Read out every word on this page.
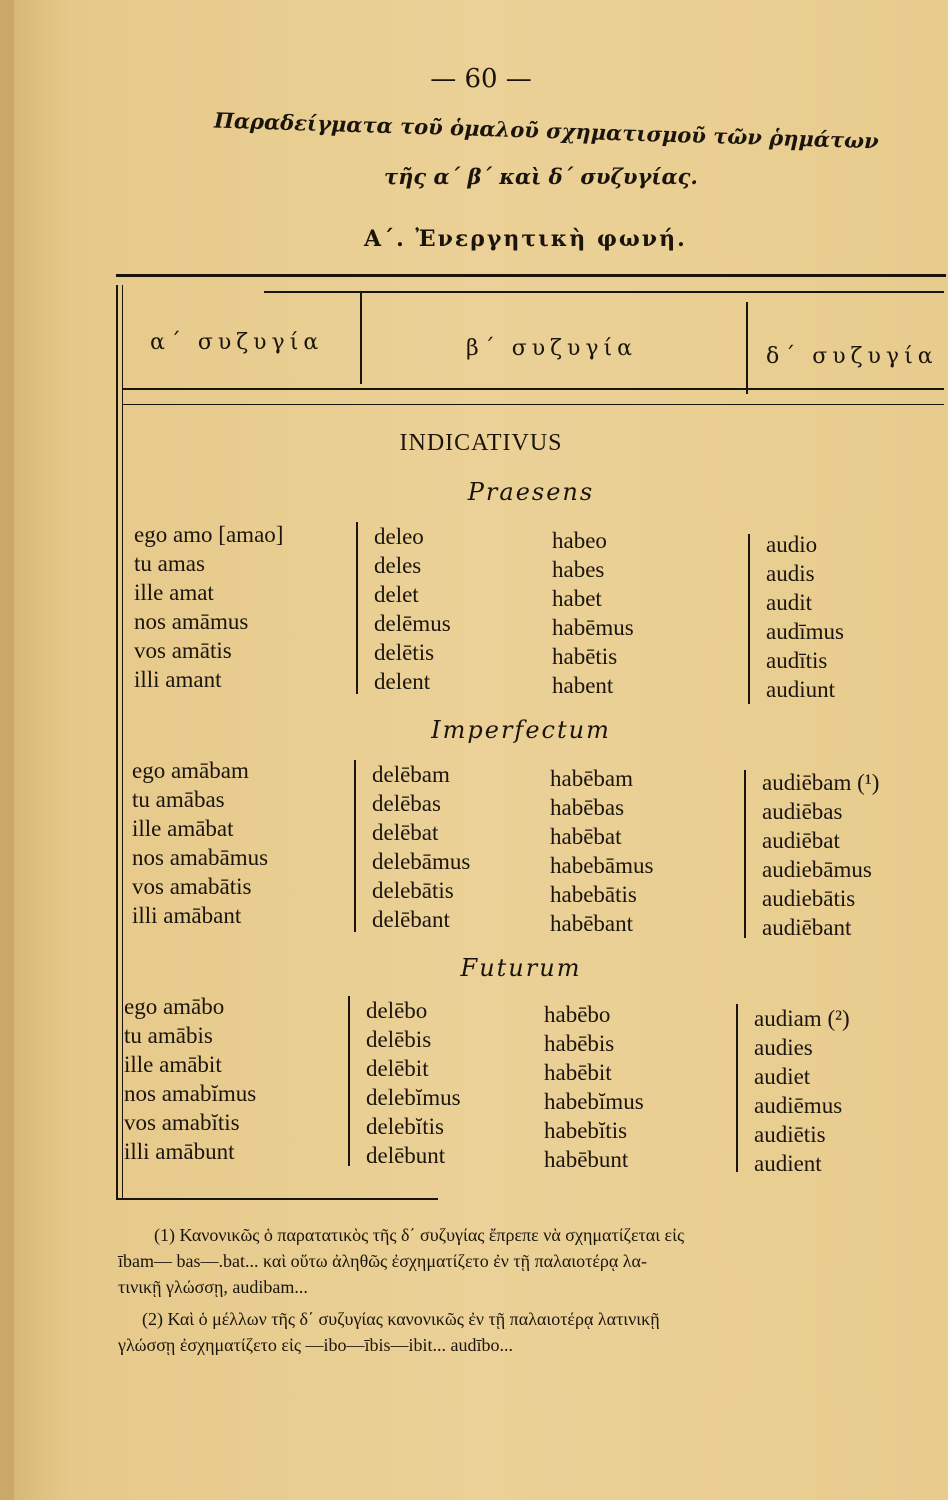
— 60 —
Παραδείγματα τοῦ ὁμαλοῦ σχηματισμοῦ τῶν ῥημάτων
τῆς α΄ β΄ καὶ δ΄ συζυγίας.
Α΄. Ἐνεργητικὴ φωνή.
α΄ συζυγία	β΄ συζυγία	δ΄ συζυγία
INDICATIVUS
Praesens
ego amo [amao]
tu amas
ille amat
nos amāmus
vos amātis
illi amant
deleo
deles
delet
delēmus
delētis
delent
habeo
habes
habet
habēmus
habētis
habent
audio
audis
audit
audīmus
audītis
audiunt
Imperfectum
ego amābam
tu amābas
ille amābat
nos amabāmus
vos amabātis
illi amābant
delēbam
delēbas
delēbat
delebāmus
delebātis
delēbant
habēbam
habēbas
habēbat
habebāmus
habebātis
habēbant
audiēbam (¹)
audiēbas
audiēbat
audiebāmus
audiebātis
audiēbant
Futurum
ego amābo
tu amābis
ille amābit
nos amabĭmus
vos amabĭtis
illi amābunt
delēbo
delēbis
delēbit
delebĭmus
delebĭtis
delēbunt
habēbo
habēbis
habēbit
habebĭmus
habebĭtis
habēbunt
audiam (²)
audies
audiet
audiēmus
audiētis
audient
(1) Κανονικῶς ὁ παρατατικὸς τῆς δ΄ συζυγίας ἔπρεπε νὰ σχηματίζεται εἰς
ībam— bas—.bat... καὶ οὕτω ἀληθῶς ἐσχηματίζετο ἐν τῇ παλαιοτέρᾳ λα-
τινικῇ γλώσσῃ, audibam...
(2) Καὶ ὁ μέλλων τῆς δ΄ συζυγίας κανονικῶς ἐν τῇ παλαιοτέρᾳ λατινικῇ
γλώσσῃ ἐσχηματίζετο εἰς —ibo—ībis—ibit... audībo...
